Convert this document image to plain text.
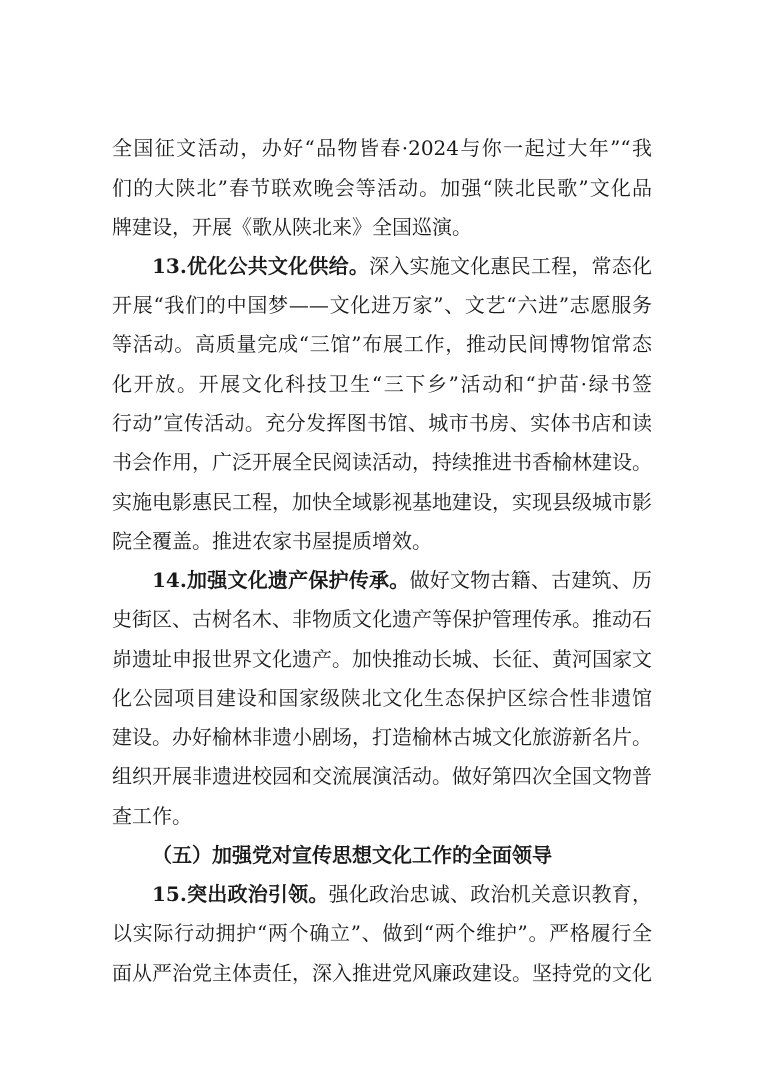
全国征文活动，办好“品物皆春·2024与你一起过大年”“我
们的大陕北”春节联欢晚会等活动。加强“陕北民歌”文化品
牌建设，开展《歌从陕北来》全国巡演。
13.优化公共文化供给。深入实施文化惠民工程，常态化
开展“我们的中国梦——文化进万家”、文艺“六进”志愿服务
等活动。高质量完成“三馆”布展工作，推动民间博物馆常态
化开放。开展文化科技卫生“三下乡”活动和“护苗·绿书签
行动”宣传活动。充分发挥图书馆、城市书房、实体书店和读
书会作用，广泛开展全民阅读活动，持续推进书香榆林建设。
实施电影惠民工程，加快全域影视基地建设，实现县级城市影
院全覆盖。推进农家书屋提质增效。
14.加强文化遗产保护传承。做好文物古籍、古建筑、历
史街区、古树名木、非物质文化遗产等保护管理传承。推动石
峁遗址申报世界文化遗产。加快推动长城、长征、黄河国家文
化公园项目建设和国家级陕北文化生态保护区综合性非遗馆
建设。办好榆林非遗小剧场，打造榆林古城文化旅游新名片。
组织开展非遗进校园和交流展演活动。做好第四次全国文物普
查工作。
（五）加强党对宣传思想文化工作的全面领导
15.突出政治引领。强化政治忠诚、政治机关意识教育，
以实际行动拥护“两个确立”、做到“两个维护”。严格履行全
面从严治党主体责任，深入推进党风廉政建设。坚持党的文化
